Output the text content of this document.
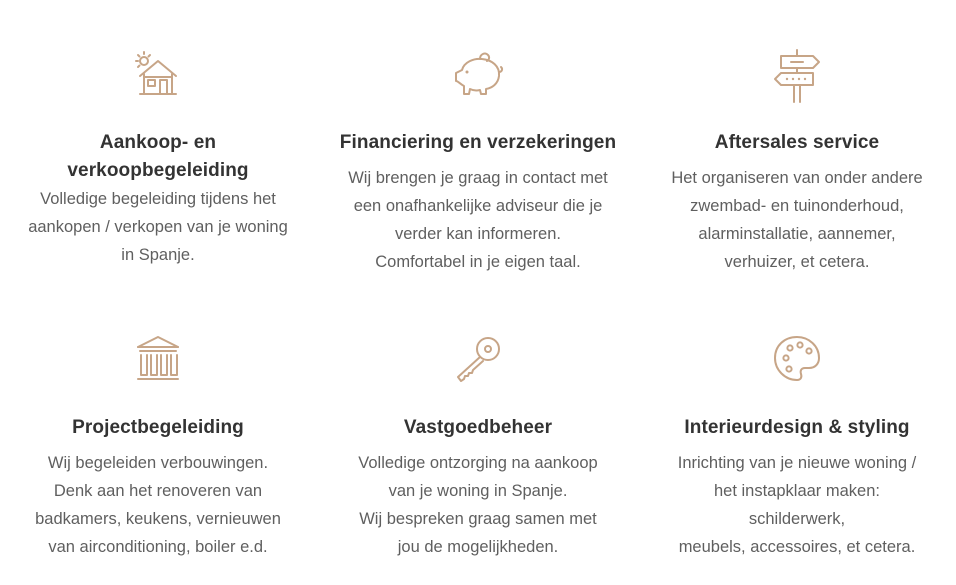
Aankoop- en

verkoopbegeleiding

Volledige begeleiding tijdens het
aankopen / verkopen van je woning
in Spanje.

Financiering en verzekeringen

Wij brengen je graag in contact met
een onafhankelijke adviseur die je
verder kan informeren.
Comfortabel in je eigen taal.

Aftersales service

Het organiseren van onder andere
zwembad- en tuinonderhoud,
alarminstallatie, aannemer,
verhuizer, et cetera.

Projectbegeleiding

Wij begeleiden verbouwingen.
Denk aan het renoveren van
badkamers, keukens, vernieuwen
van airconditioning, boiler e.d.

Vastgoedbeheer

Volledige ontzorging na aankoop
van je woning in Spanje.
Wij bespreken graag samen met
jou de mogelijkheden.

Interieurdesign & styling

Inrichting van je nieuwe woning /
het instapklaar maken:
schilderwerk,
meubels, accessoires, et cetera.
